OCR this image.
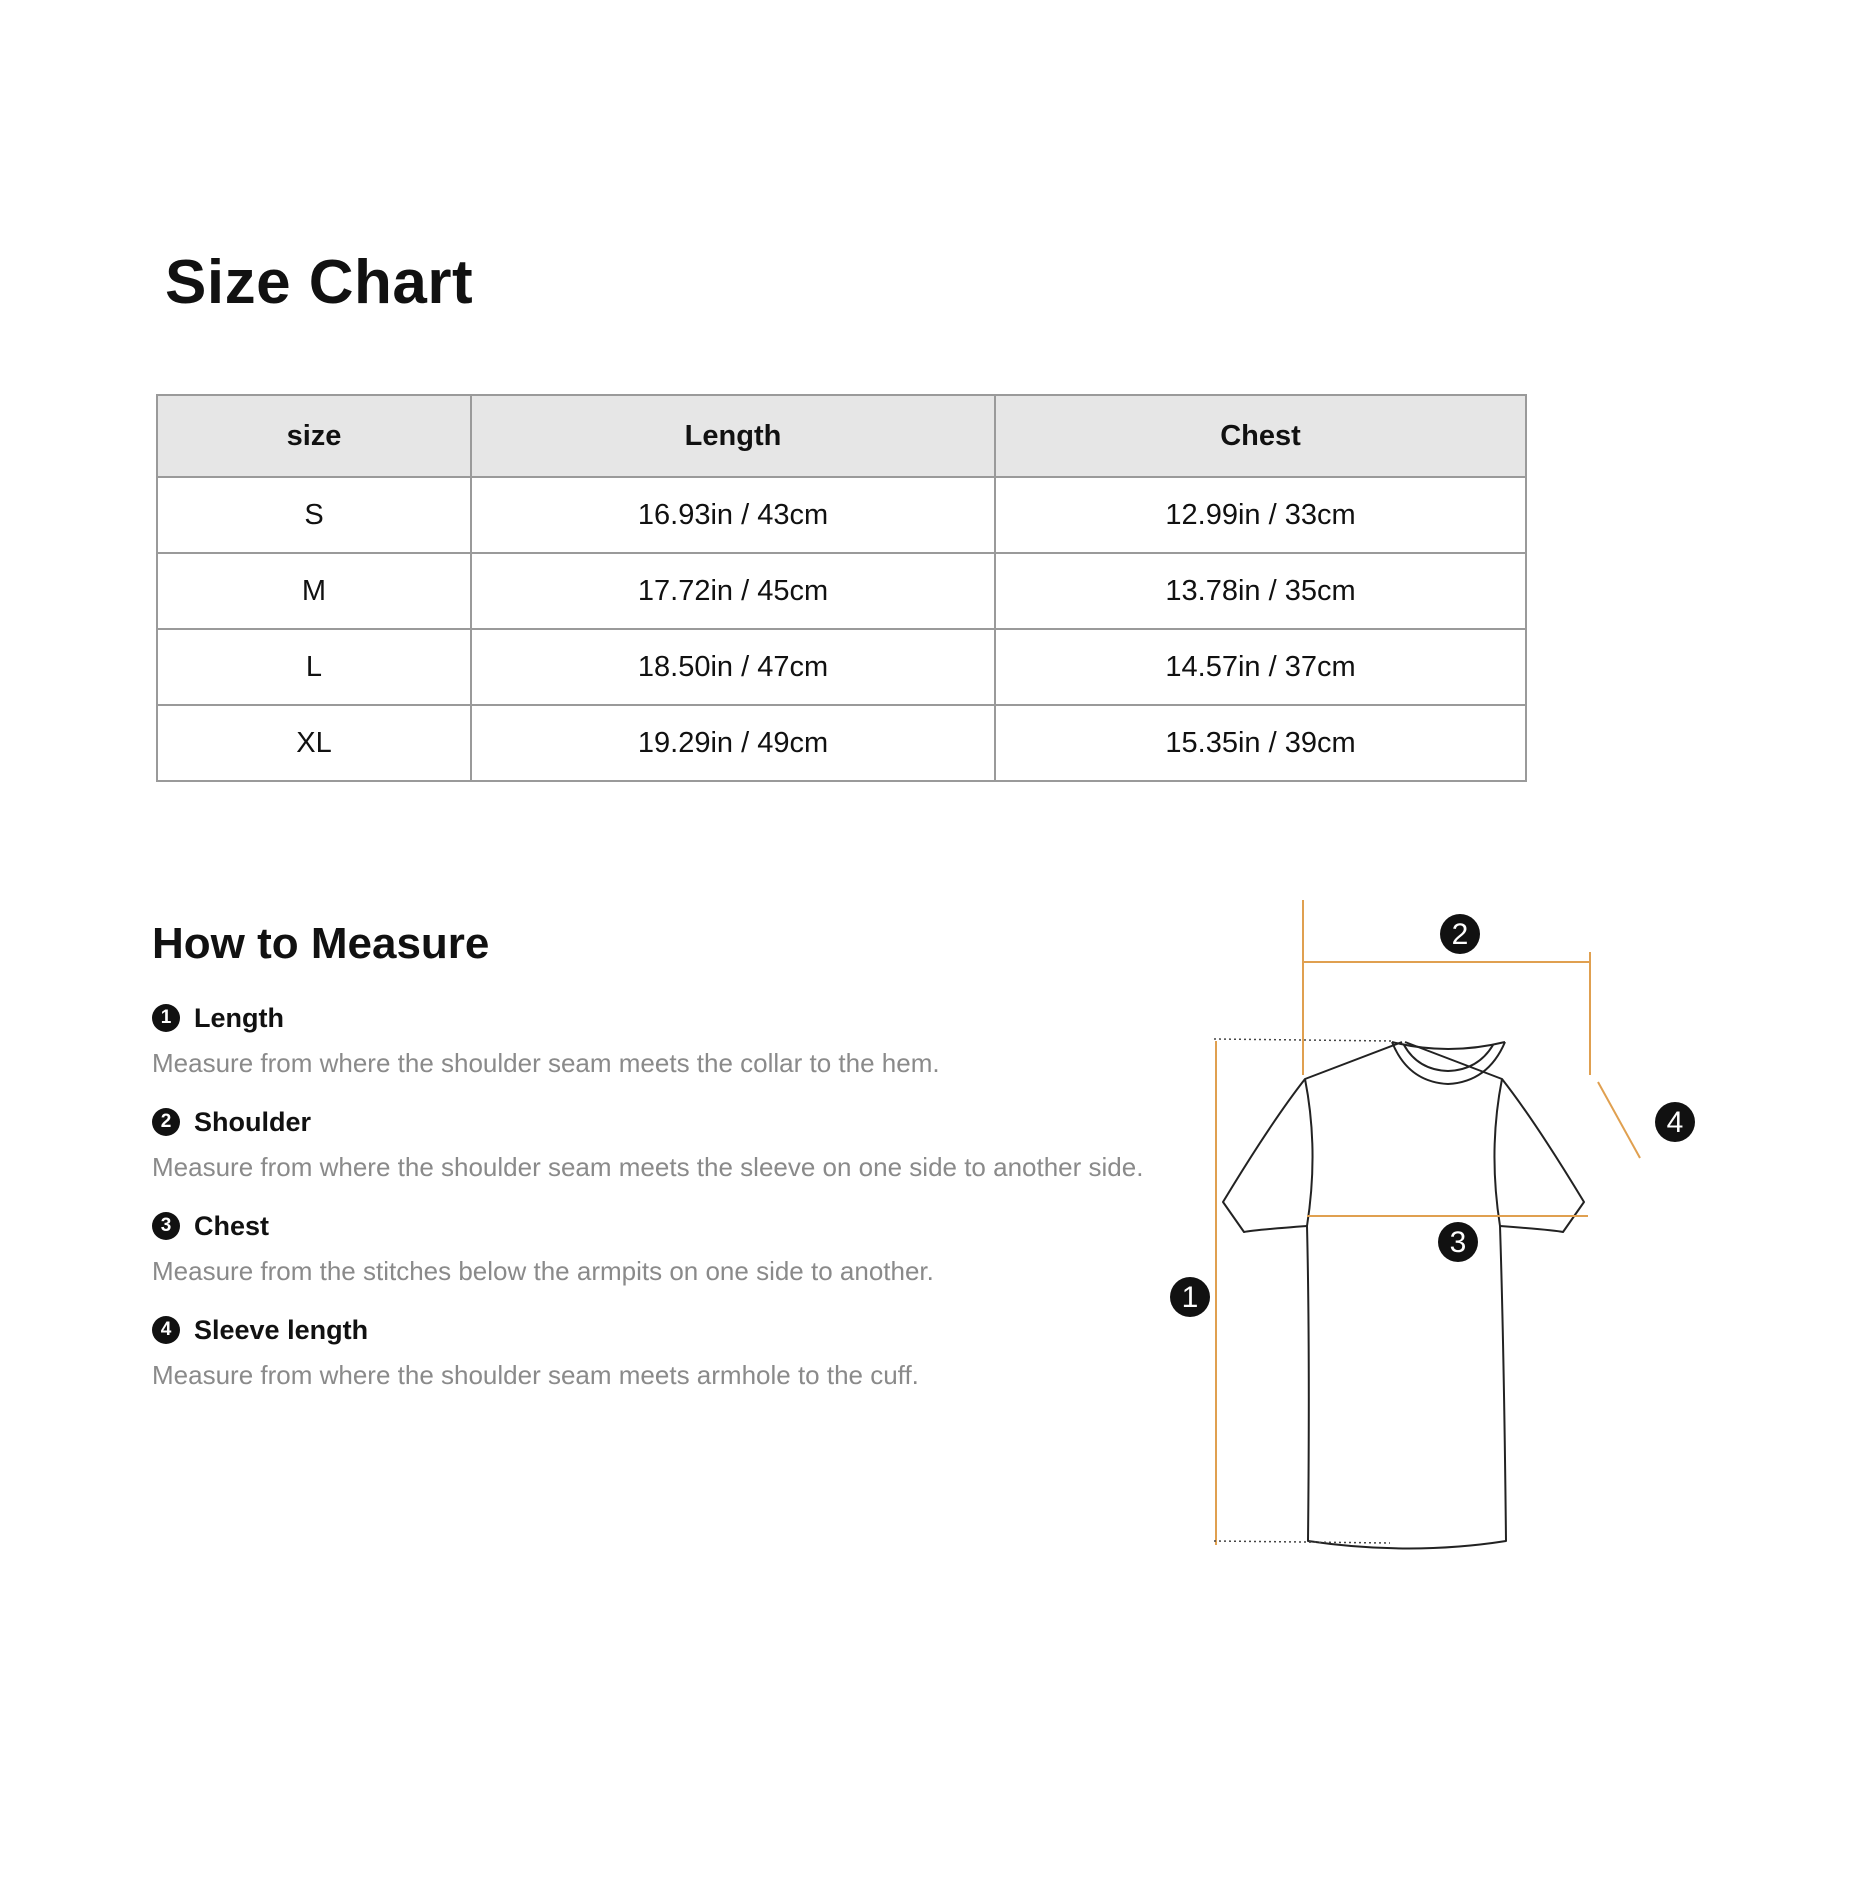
Size Chart
size	Length	Chest
S	16.93in / 43cm	12.99in / 33cm
M	17.72in / 45cm	13.78in / 35cm
L	18.50in / 47cm	14.57in / 37cm
XL	19.29in / 49cm	15.35in / 39cm
How to Measure
1 Length
Measure from where the shoulder seam meets the collar to the hem.
2 Shoulder
Measure from where the shoulder seam meets the sleeve on one side to another side.
3 Chest
Measure from the stitches below the armpits on one side to another.
4 Sleeve length
Measure from where the shoulder seam meets armhole to the cuff.
1
2
3
4
